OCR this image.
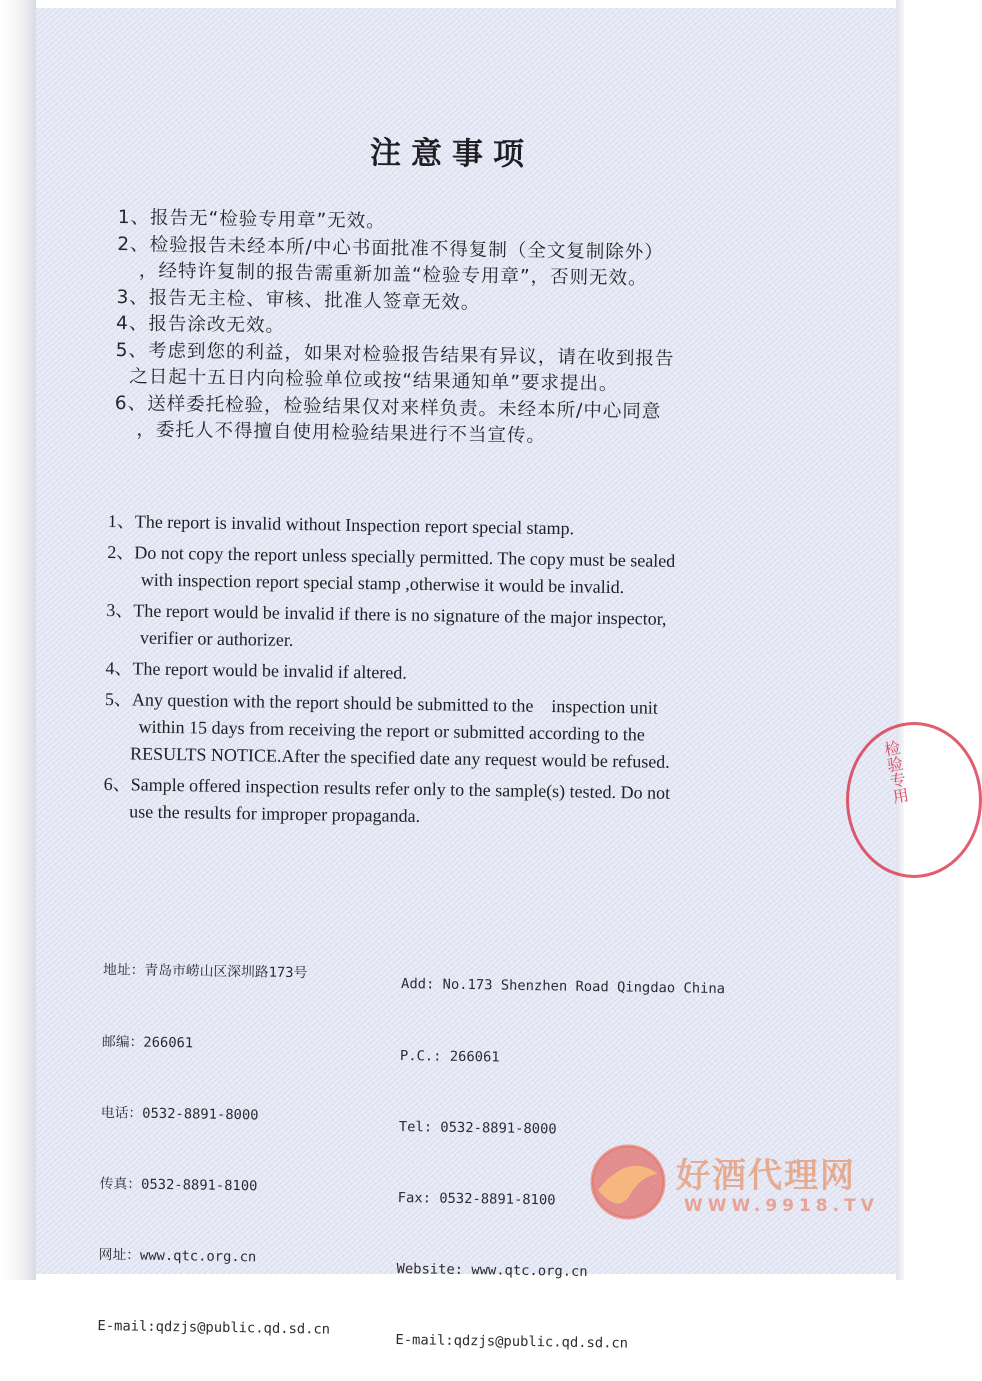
注意事项
1、报告无“检验专用章”无效。
2、检验报告未经本所/中心书面批准不得复制（全文复制除外）
，经特许复制的报告需重新加盖“检验专用章”，否则无效。
3、报告无主检、审核、批准人签章无效。
4、报告涂改无效。
5、考虑到您的利益，如果对检验报告结果有异议，请在收到报告
之日起十五日内向检验单位或按“结果通知单”要求提出。
6、送样委托检验，检验结果仅对来样负责。未经本所/中心同意
，委托人不得擅自使用检验结果进行不当宣传。
1、The report is invalid without Inspection report special stamp.
2、Do not copy the report unless specially permitted. The copy must be sealed
with inspection report special stamp ,otherwise it would be invalid.
3、The report would be invalid if there is no signature of the major inspector,
verifier or authorizer.
4、The report would be invalid if altered.
5、Any question with the report should be submitted to the    inspection unit
within 15 days from receiving the report or submitted according to the
RESULTS NOTICE.After the specified date any request would be refused.
6、Sample offered inspection results refer only to the sample(s) tested. Do not
use the results for improper propaganda.

地址：青岛市崂山区深圳路173号

邮编：266061

电话：0532-8891-8000

传真：0532-8891-8100

网址：www.qtc.org.cn

E-mail:qdzjs@public.qd.sd.cn

Add: No.173 Shenzhen Road Qingdao China

P.C.: 266061

Tel: 0532-8891-8000

Fax: 0532-8891-8100

Website: www.qtc.org.cn

E-mail:qdzjs@public.qd.sd.cn

检验专用
好酒代理网
WWW.9918.TV
